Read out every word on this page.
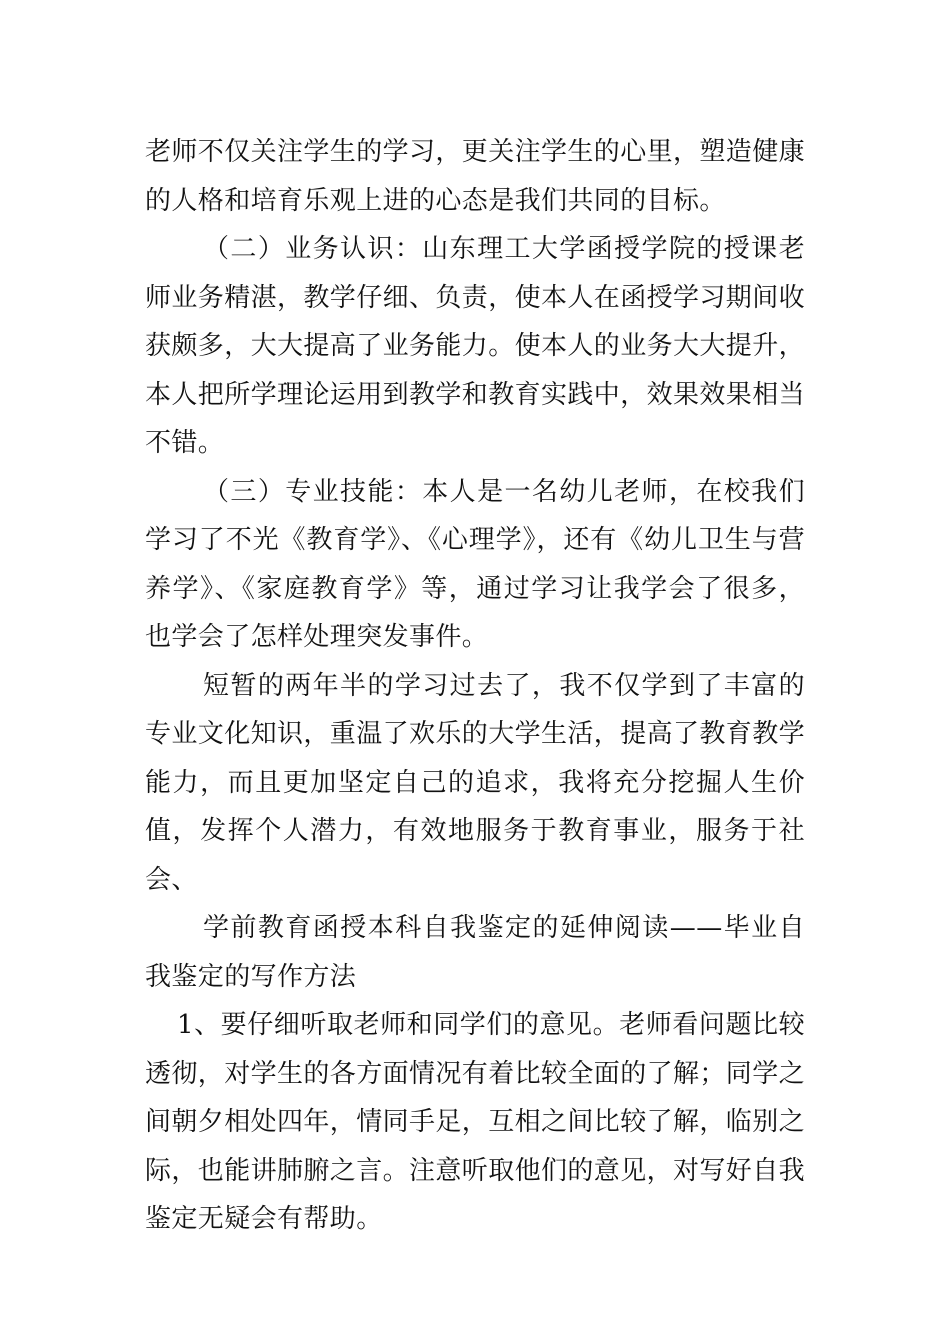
老师不仅关注学生的学习，更关注学生的心里，塑造健康的人格和培育乐观上进的心态是我们共同的目标。

（二）业务认识：山东理工大学函授学院的授课老师业务精湛，教学仔细、负责，使本人在函授学习期间收获颇多，大大提高了业务能力。使本人的业务大大提升，本人把所学理论运用到教学和教育实践中，效果效果相当不错。

（三）专业技能：本人是一名幼儿老师，在校我们学习了不光《教育学》、《心理学》，还有《幼儿卫生与营养学》、《家庭教育学》等，通过学习让我学会了很多，也学会了怎样处理突发事件。

短暂的两年半的学习过去了，我不仅学到了丰富的专业文化知识，重温了欢乐的大学生活，提高了教育教学能力，而且更加坚定自己的追求，我将充分挖掘人生价值，发挥个人潜力，有效地服务于教育事业，服务于社会、

学前教育函授本科自我鉴定的延伸阅读——毕业自我鉴定的写作方法

1、要仔细听取老师和同学们的意见。老师看问题比较透彻，对学生的各方面情况有着比较全面的了解；同学之间朝夕相处四年，情同手足，互相之间比较了解，临别之际，也能讲肺腑之言。注意听取他们的意见，对写好自我鉴定无疑会有帮助。
